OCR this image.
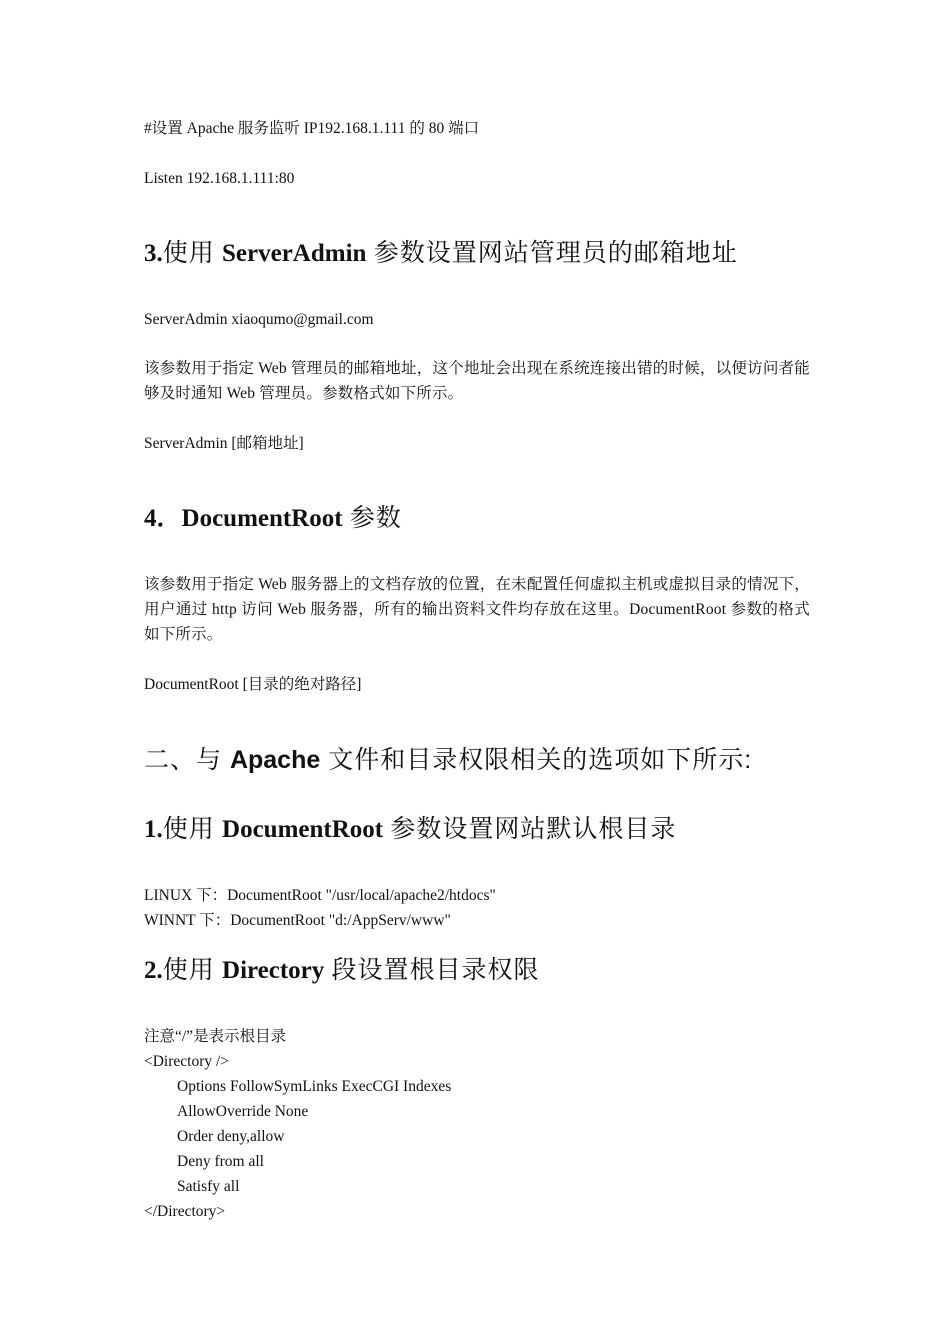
#设置 Apache 服务监听 IP192.168.1.111 的 80 端口
Listen 192.168.1.111:80
3.使用 ServerAdmin 参数设置网站管理员的邮箱地址
ServerAdmin xiaoqumo@gmail.com
该参数用于指定 Web 管理员的邮箱地址，这个地址会出现在系统连接出错的时候，以便访问者能够及时通知 Web 管理员。参数格式如下所示。
ServerAdmin [邮箱地址]
4．DocumentRoot 参数
该参数用于指定 Web 服务器上的文档存放的位置，在未配置任何虚拟主机或虚拟目录的情况下，用户通过 http 访问 Web 服务器，所有的输出资料文件均存放在这里。DocumentRoot 参数的格式如下所示。
DocumentRoot [目录的绝对路径]
二、与 Apache 文件和目录权限相关的选项如下所示:
1.使用 DocumentRoot 参数设置网站默认根目录
LINUX 下：DocumentRoot "/usr/local/apache2/htdocs"
WINNT 下：DocumentRoot "d:/AppServ/www"
2.使用 Directory 段设置根目录权限
注意“/”是表示根目录
<Directory />
Options FollowSymLinks ExecCGI Indexes
AllowOverride None
Order deny,allow
Deny from all
Satisfy all
</Directory>
